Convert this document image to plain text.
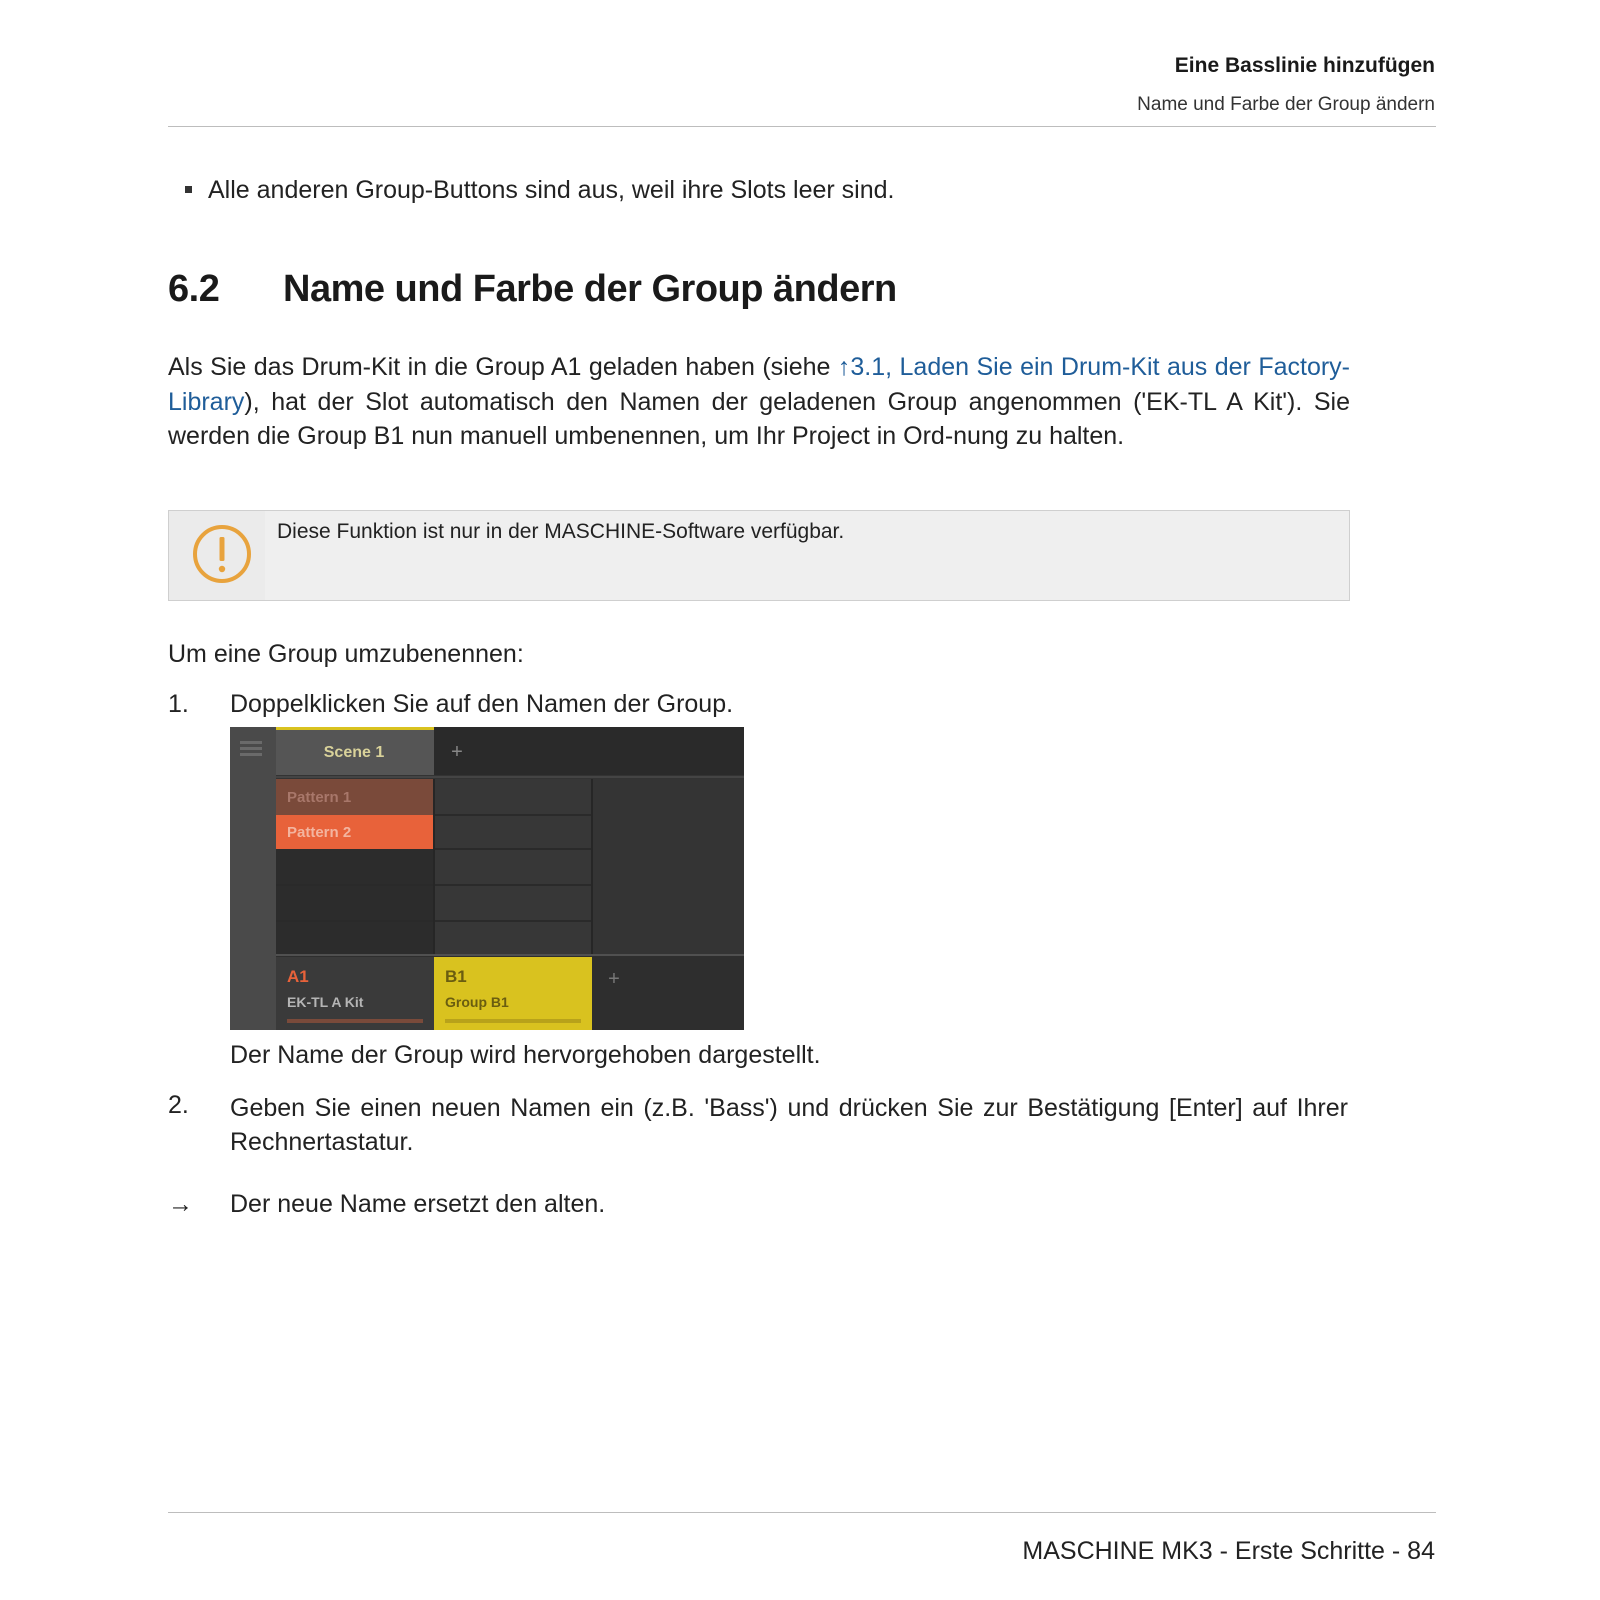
Eine Basslinie hinzufügen
Name und Farbe der Group ändern
Alle anderen Group-Buttons sind aus, weil ihre Slots leer sind.
6.2 Name und Farbe der Group ändern
Als Sie das Drum-Kit in die Group A1 geladen haben (siehe ↑3.1, Laden Sie ein Drum-Kit aus der Factory-Library), hat der Slot automatisch den Namen der geladenen Group angenommen ('EK-TL A Kit'). Sie werden die Group B1 nun manuell umbenennen, um Ihr Project in Ord-nung zu halten.
Diese Funktion ist nur in der MASCHINE-Software verfügbar.
Um eine Group umzubenennen:
1. Doppelklicken Sie auf den Namen der Group.
Scene 1	+
Pattern 1
Pattern 2
A1
EK-TL A Kit
B1
Group B1
+
Der Name der Group wird hervorgehoben dargestellt.
2. Geben Sie einen neuen Namen ein (z.B. 'Bass') und drücken Sie zur Bestätigung [Enter] auf Ihrer Rechnertastatur.
→ Der neue Name ersetzt den alten.
MASCHINE MK3 - Erste Schritte - 84
